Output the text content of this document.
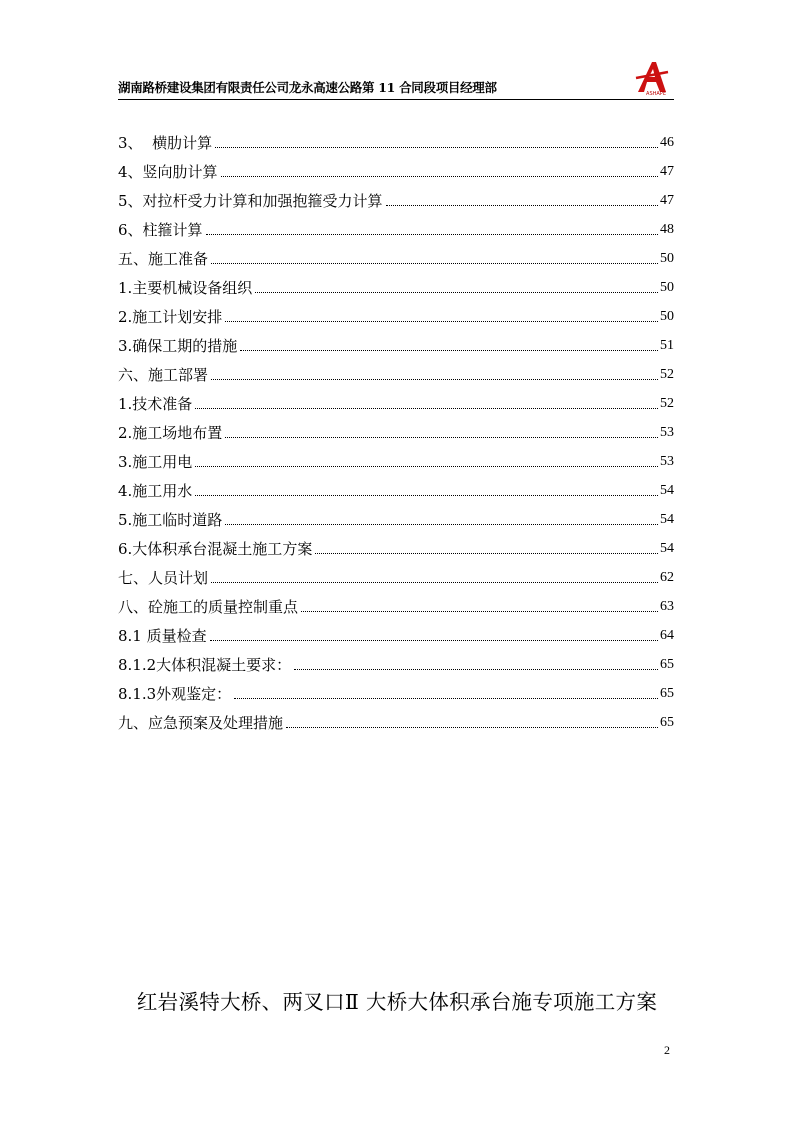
湖南路桥建设集团有限责任公司龙永高速公路第 11 合同段项目经理部	ASHAPE
3、  横肋计算	46
4、竖向肋计算	47
5、对拉杆受力计算和加强抱箍受力计算	47
6、柱箍计算	48
五、施工准备	50
1.主要机械设备组织	50
2.施工计划安排	50
3.确保工期的措施	51
六、施工部署	52
1.技术准备	52
2.施工场地布置	53
3.施工用电	53
4.施工用水	54
5.施工临时道路	54
6.大体积承台混凝土施工方案	54
七、人员计划	62
八、砼施工的质量控制重点	63
8.1 质量检查	64
8.1.2大体积混凝土要求：	65
8.1.3外观鉴定：	65
九、应急预案及处理措施	65
红岩溪特大桥、两叉口Ⅱ 大桥大体积承台施专项施工方案
2
